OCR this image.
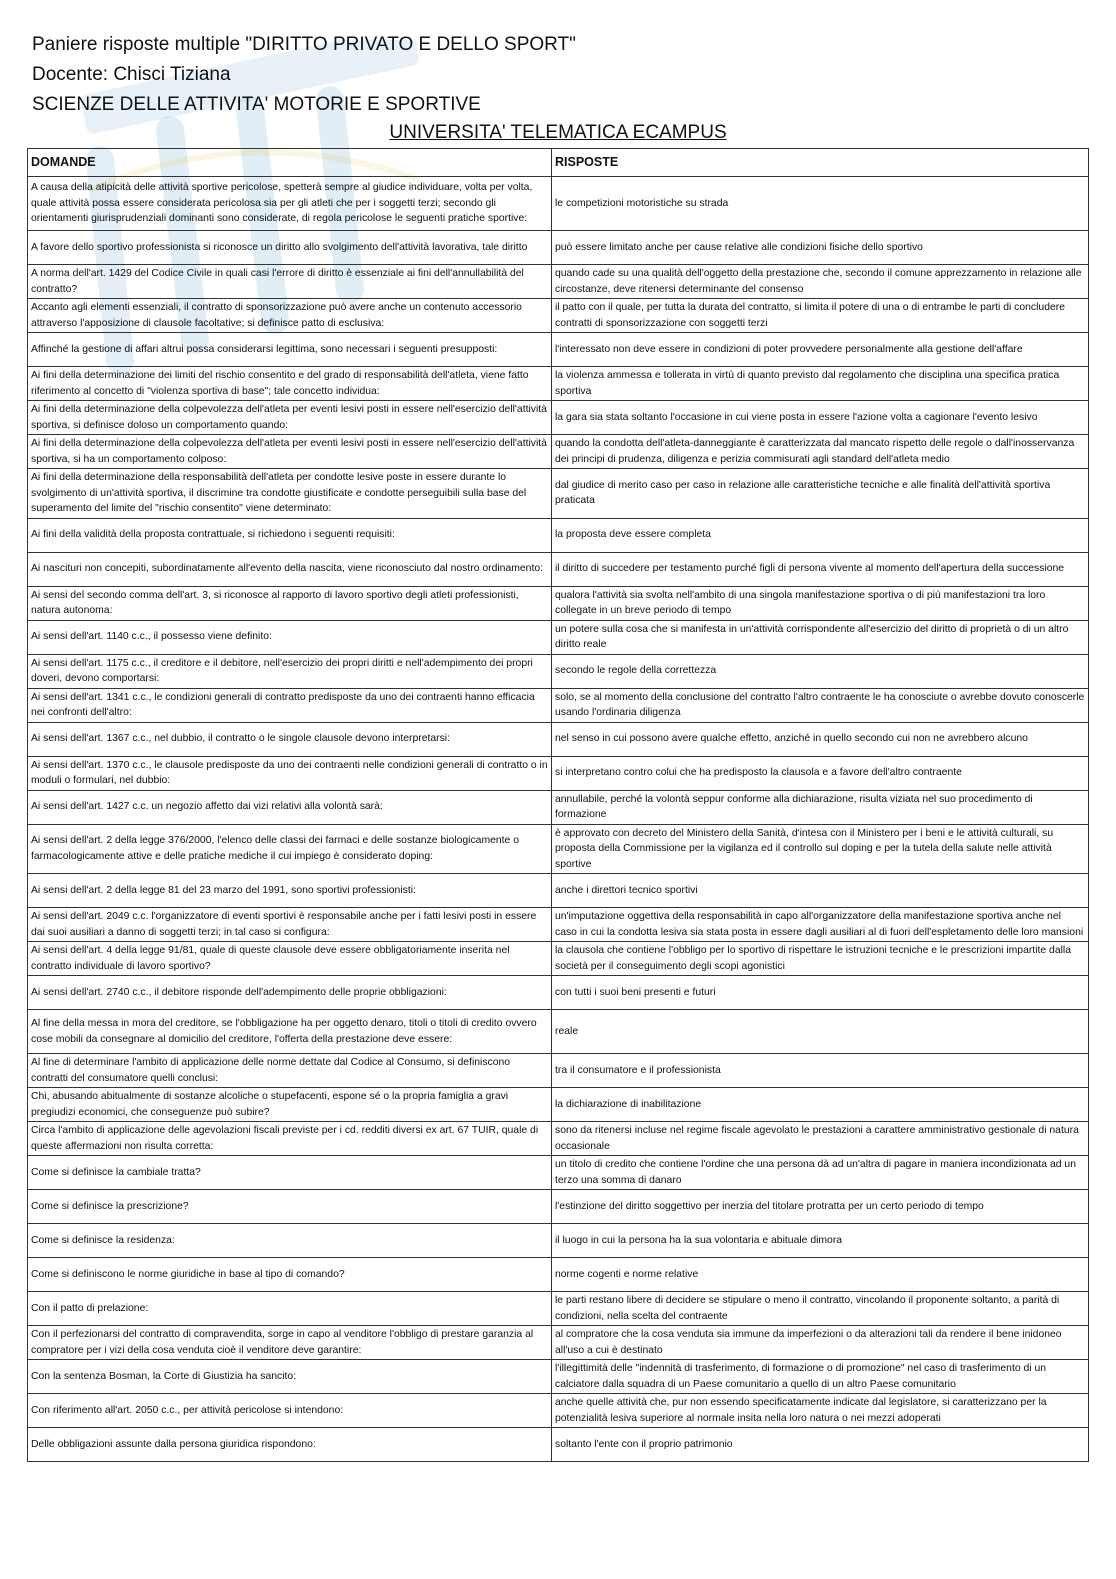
Paniere risposte multiple "DIRITTO PRIVATO E DELLO SPORT"
Docente: Chisci Tiziana
SCIENZE DELLE ATTIVITA' MOTORIE E SPORTIVE
UNIVERSITA' TELEMATICA ECAMPUS
DOMANDE	RISPOSTE
A causa della atipicità delle attività sportive pericolose, spetterà sempre al giudice individuare, volta per volta, quale attività possa essere considerata pericolosa sia per gli atleti che per i soggetti terzi; secondo gli orientamenti giurisprudenziali dominanti sono considerate, di regola pericolose le seguenti pratiche sportive:	le competizioni motoristiche su strada
A favore dello sportivo professionista si riconosce un diritto allo svolgimento dell'attività lavorativa, tale diritto	può essere limitato anche per cause relative alle condizioni fisiche dello sportivo
A norma dell'art. 1429 del Codice Civile in quali casi l'errore di diritto è essenziale ai fini dell'annullabilità del contratto?	quando cade su una qualità dell'oggetto della prestazione che, secondo il comune apprezzamento in relazione alle circostanze, deve ritenersi determinante del consenso
Accanto agli elementi essenziali, il contratto di sponsorizzazione può avere anche un contenuto accessorio attraverso l'apposizione di clausole facoltative; si definisce patto di esclusiva:	il patto con il quale, per tutta la durata del contratto, si limita il potere di una o di entrambe le parti di concludere contratti di sponsorizzazione con soggetti terzi
Affinché la gestione di affari altrui possa considerarsi legittima, sono necessari i seguenti presupposti:	l'interessato non deve essere in condizioni di poter provvedere personalmente alla gestione dell'affare
Ai fini della determinazione dei limiti del rischio consentito e del grado di responsabilità dell'atleta, viene fatto riferimento al concetto di "violenza sportiva di base"; tale concetto individua:	la violenza ammessa e tollerata in virtù di quanto previsto dal regolamento che disciplina una specifica pratica sportiva
Ai fini della determinazione della colpevolezza dell'atleta per eventi lesivi posti in essere nell'esercizio dell'attività sportiva, si definisce doloso un comportamento quando:	la gara sia stata soltanto l'occasione in cui viene posta in essere l'azione volta a cagionare l'evento lesivo
Ai fini della determinazione della colpevolezza dell'atleta per eventi lesivi posti in essere nell'esercizio dell'attività sportiva, si ha un comportamento colposo:	quando la condotta dell'atleta-danneggiante è caratterizzata dal mancato rispetto delle regole o dall'inosservanza dei principi di prudenza, diligenza e perizia commisurati agli standard dell'atleta medio
Ai fini della determinazione della responsabilità dell'atleta per condotte lesive poste in essere durante lo svolgimento di un'attività sportiva, il discrimine tra condotte giustificate e condotte perseguibili sulla base del superamento del limite del "rischio consentito" viene determinato:	dal giudice di merito caso per caso in relazione alle caratteristiche tecniche e alle finalità dell'attività sportiva praticata
Ai fini della validità della proposta contrattuale, si richiedono i seguenti requisiti:	la proposta deve essere completa
Ai nascituri non concepiti, subordinatamente all'evento della nascita, viene riconosciuto dal nostro ordinamento:	il diritto di succedere per testamento purché figli di persona vivente al momento dell'apertura della successione
Ai sensi del secondo comma dell'art. 3, si riconosce al rapporto di lavoro sportivo degli atleti professionisti, natura autonoma:	qualora l'attività sia svolta nell'ambito di una singola manifestazione sportiva o di più manifestazioni tra loro collegate in un breve periodo di tempo
Ai sensi dell'art. 1140 c.c., il possesso viene definito:	un potere sulla cosa che si manifesta in un'attività corrispondente all'esercizio del diritto di proprietà o di un altro diritto reale
Ai sensi dell'art. 1175 c.c., il creditore e il debitore, nell'esercizio dei propri diritti e nell'adempimento dei propri doveri, devono comportarsi:	secondo le regole della correttezza
Ai sensi dell'art. 1341 c.c., le condizioni generali di contratto predisposte da uno dei contraenti hanno efficacia nei confronti dell'altro:	solo, se al momento della conclusione del contratto l'altro contraente le ha conosciute o avrebbe dovuto conoscerle usando l'ordinaria diligenza
Ai sensi dell'art. 1367 c.c., nel dubbio, il contratto o le singole clausole devono interpretarsi:	nel senso in cui possono avere qualche effetto, anziché in quello secondo cui non ne avrebbero alcuno
Ai sensi dell'art. 1370 c.c., le clausole predisposte da uno dei contraenti nelle condizioni generali di contratto o in moduli o formulari, nel dubbio:	si interpretano contro colui che ha predisposto la clausola e a favore dell'altro contraente
Ai sensi dell'art. 1427 c.c. un negozio affetto dai vizi relativi alla volontà sarà:	annullabile, perché la volontà seppur conforme alla dichiarazione, risulta viziata nel suo procedimento di formazione
Ai sensi dell'art. 2 della legge 376/2000, l'elenco delle classi dei farmaci e delle sostanze biologicamente o farmacologicamente attive e delle pratiche mediche il cui impiego è considerato doping:	è approvato con decreto del Ministero della Sanità, d'intesa con il Ministero per i beni e le attività culturali, su proposta della Commissione per la vigilanza ed il controllo sul doping e per la tutela della salute nelle attività sportive
Ai sensi dell'art. 2 della legge 81 del 23 marzo del 1991, sono sportivi professionisti:	anche i direttori tecnico sportivi
Ai sensi dell'art. 2049 c.c. l'organizzatore di eventi sportivi è responsabile anche per i fatti lesivi posti in essere dai suoi ausiliari a danno di soggetti terzi; in tal caso si configura:	un'imputazione oggettiva della responsabilità in capo all'organizzatore della manifestazione sportiva anche nel caso in cui la condotta lesiva sia stata posta in essere dagli ausiliari al di fuori dell'espletamento delle loro mansioni
Ai sensi dell'art. 4 della legge 91/81, quale di queste clausole deve essere obbligatoriamente inserita nel contratto individuale di lavoro sportivo?	la clausola che contiene l'obbligo per lo sportivo di rispettare le istruzioni tecniche e le prescrizioni impartite dalla società per il conseguimento degli scopi agonistici
Ai sensi dell'art. 2740 c.c., il debitore risponde dell'adempimento delle proprie obbligazioni:	con tutti i suoi beni presenti e futuri
Al fine della messa in mora del creditore, se l'obbligazione ha per oggetto denaro, titoli o titoli di credito ovvero cose mobili da consegnare al domicilio del creditore, l'offerta della prestazione deve essere:	reale
Al fine di determinare l'ambito di applicazione delle norme dettate dal Codice al Consumo, si definiscono contratti del consumatore quelli conclusi:	tra il consumatore e il professionista
Chi, abusando abitualmente di sostanze alcoliche o stupefacenti, espone sé o la propria famiglia a gravi pregiudizi economici, che conseguenze può subire?	la dichiarazione di inabilitazione
Circa l'ambito di applicazione delle agevolazioni fiscali previste per i cd. redditi diversi ex art. 67 TUIR, quale di queste affermazioni non risulta corretta:	sono da ritenersi incluse nel regime fiscale agevolato le prestazioni a carattere amministrativo gestionale di natura occasionale
Come si definisce la cambiale tratta?	un titolo di credito che contiene l'ordine che una persona dà ad un'altra di pagare in maniera incondizionata ad un terzo una somma di danaro
Come si definisce la prescrizione?	l'estinzione del diritto soggettivo per inerzia del titolare protratta per un certo periodo di tempo
Come si definisce la residenza:	il luogo in cui la persona ha la sua volontaria e abituale dimora
Come si definiscono le norme giuridiche in base al tipo di comando?	norme cogenti e norme relative
Con il patto di prelazione:	le parti restano libere di decidere se stipulare o meno il contratto, vincolando il proponente soltanto, a parità di condizioni, nella scelta del contraente
Con il perfezionarsi del contratto di compravendita, sorge in capo al venditore l'obbligo di prestare garanzia al compratore per i vizi della cosa venduta cioè il venditore deve garantire:	al compratore che la cosa venduta sia immune da imperfezioni o da alterazioni tali da rendere il bene inidoneo all'uso a cui è destinato
Con la sentenza Bosman, la Corte di Giustizia ha sancito:	l'illegittimità delle "indennità di trasferimento, di formazione o di promozione" nel caso di trasferimento di un calciatore dalla squadra di un Paese comunitario a quello di un altro Paese comunitario
Con riferimento all'art. 2050 c.c., per attività pericolose si intendono:	anche quelle attività che, pur non essendo specificatamente indicate dal legislatore, si caratterizzano per la potenzialità lesiva superiore al normale insita nella loro natura o nei mezzi adoperati
Delle obbligazioni assunte dalla persona giuridica rispondono:	soltanto l'ente con il proprio patrimonio
